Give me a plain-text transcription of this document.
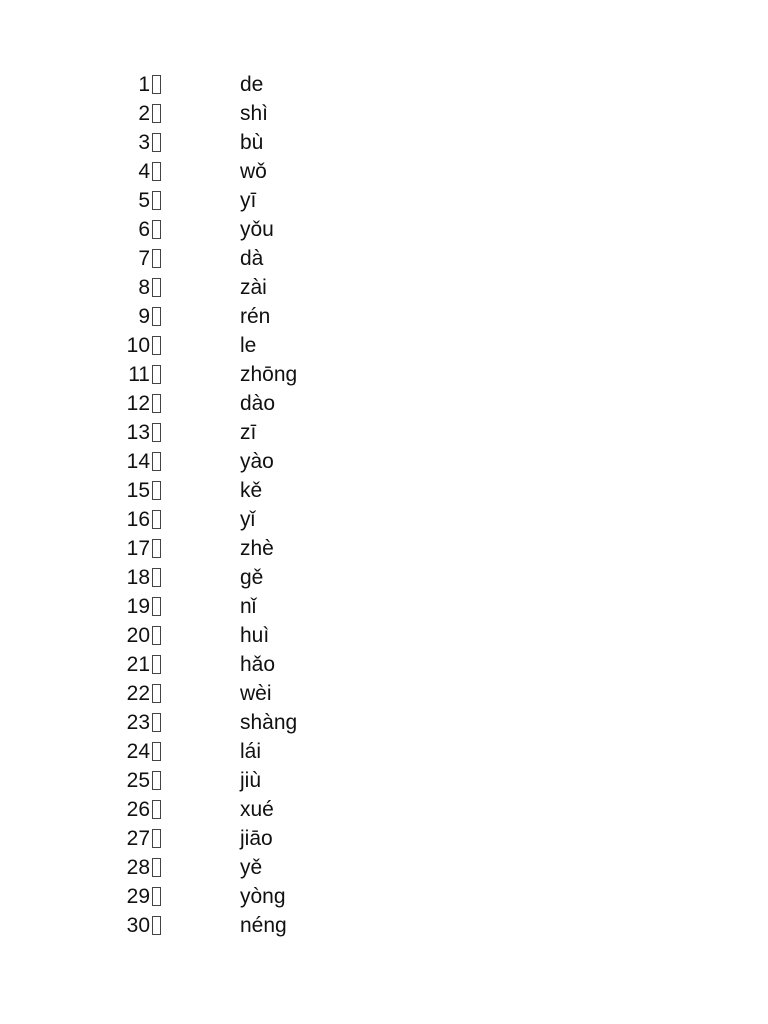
1	de
2	shì
3	bù
4	wǒ
5	yī
6	yǒu
7	dà
8	zài
9	rén
10	le
11	zhōng
12	dào
13	zī
14	yào
15	kě
16	yǐ
17	zhè
18	gě
19	nǐ
20	huì
21	hǎo
22	wèi
23	shàng
24	lái
25	jiù
26	xué
27	jiāo
28	yě
29	yòng
30	néng
